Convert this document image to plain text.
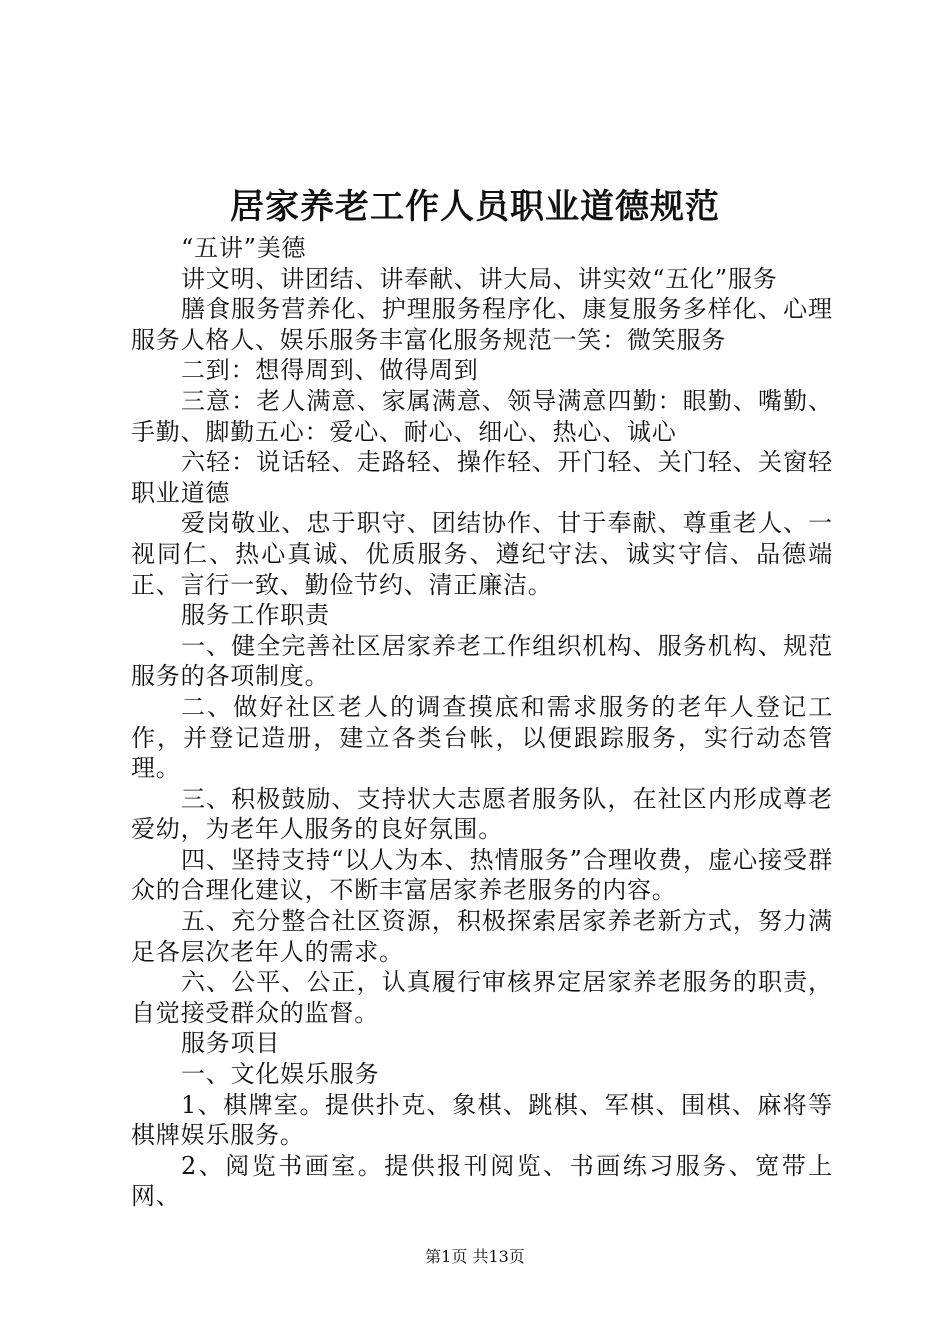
居家养老工作人员职业道德规范

“五讲”美德

讲文明、讲团结、讲奉献、讲大局、讲实效“五化”服务

膳食服务营养化、护理服务程序化、康复服务多样化、心理服务人格人、娱乐服务丰富化服务规范一笑：微笑服务

二到：想得周到、做得周到

三意：老人满意、家属满意、领导满意四勤：眼勤、嘴勤、手勤、脚勤五心：爱心、耐心、细心、热心、诚心

六轻：说话轻、走路轻、操作轻、开门轻、关门轻、关窗轻职业道德

爱岗敬业、忠于职守、团结协作、甘于奉献、尊重老人、一视同仁、热心真诚、优质服务、遵纪守法、诚实守信、品德端正、言行一致、勤俭节约、清正廉洁。

服务工作职责

一、健全完善社区居家养老工作组织机构、服务机构、规范服务的各项制度。

二、做好社区老人的调查摸底和需求服务的老年人登记工作，并登记造册，建立各类台帐，以便跟踪服务，实行动态管理。

三、积极鼓励、支持状大志愿者服务队，在社区内形成尊老爱幼，为老年人服务的良好氛围。

四、坚持支持“以人为本、热情服务”合理收费，虚心接受群众的合理化建议，不断丰富居家养老服务的内容。

五、充分整合社区资源，积极探索居家养老新方式，努力满足各层次老年人的需求。

六、公平、公正，认真履行审核界定居家养老服务的职责，自觉接受群众的监督。

服务项目

一、文化娱乐服务

1、棋牌室。提供扑克、象棋、跳棋、军棋、围棋、麻将等棋牌娱乐服务。

2、阅览书画室。提供报刊阅览、书画练习服务、宽带上网、

第1页 共13页
